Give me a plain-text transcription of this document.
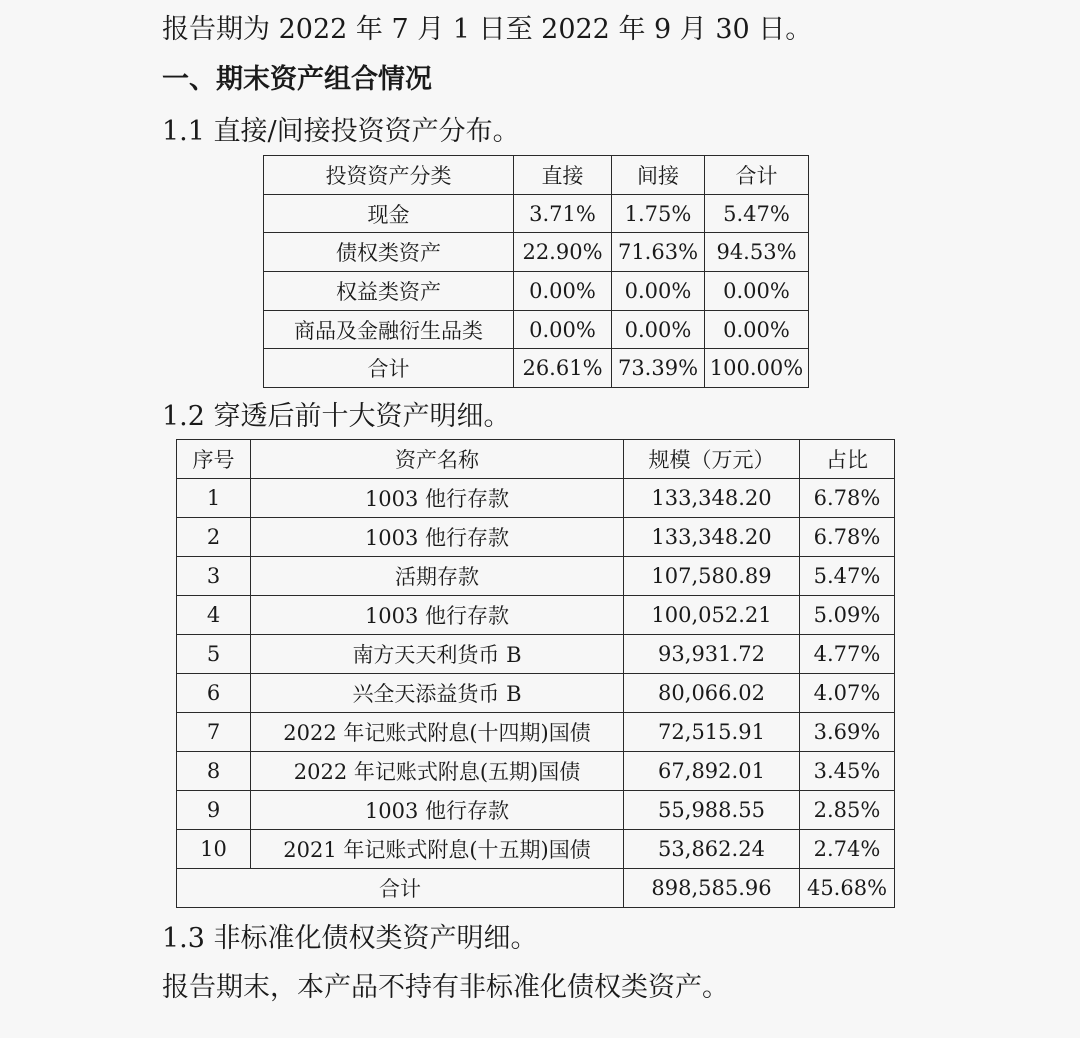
报告期为 2022 年 7 月 1 日至 2022 年 9 月 30 日。
一、期末资产组合情况
1.1 直接/间接投资资产分布。
投资资产分类	直接	间接	合计
现金	3.71%	1.75%	5.47%
债权类资产	22.90%	71.63%	94.53%
权益类资产	0.00%	0.00%	0.00%
商品及金融衍生品类	0.00%	0.00%	0.00%
合计	26.61%	73.39%	100.00%
1.2 穿透后前十大资产明细。
序号	资产名称	规模（万元）	占比
1	1003 他行存款	133,348.20	6.78%
2	1003 他行存款	133,348.20	6.78%
3	活期存款	107,580.89	5.47%
4	1003 他行存款	100,052.21	5.09%
5	南方天天利货币 B	93,931.72	4.77%
6	兴全天添益货币 B	80,066.02	4.07%
7	2022 年记账式附息(十四期)国债	72,515.91	3.69%
8	2022 年记账式附息(五期)国债	67,892.01	3.45%
9	1003 他行存款	55,988.55	2.85%
10	2021 年记账式附息(十五期)国债	53,862.24	2.74%
合计		898,585.96	45.68%
1.3 非标准化债权类资产明细。
报告期末，本产品不持有非标准化债权类资产。
